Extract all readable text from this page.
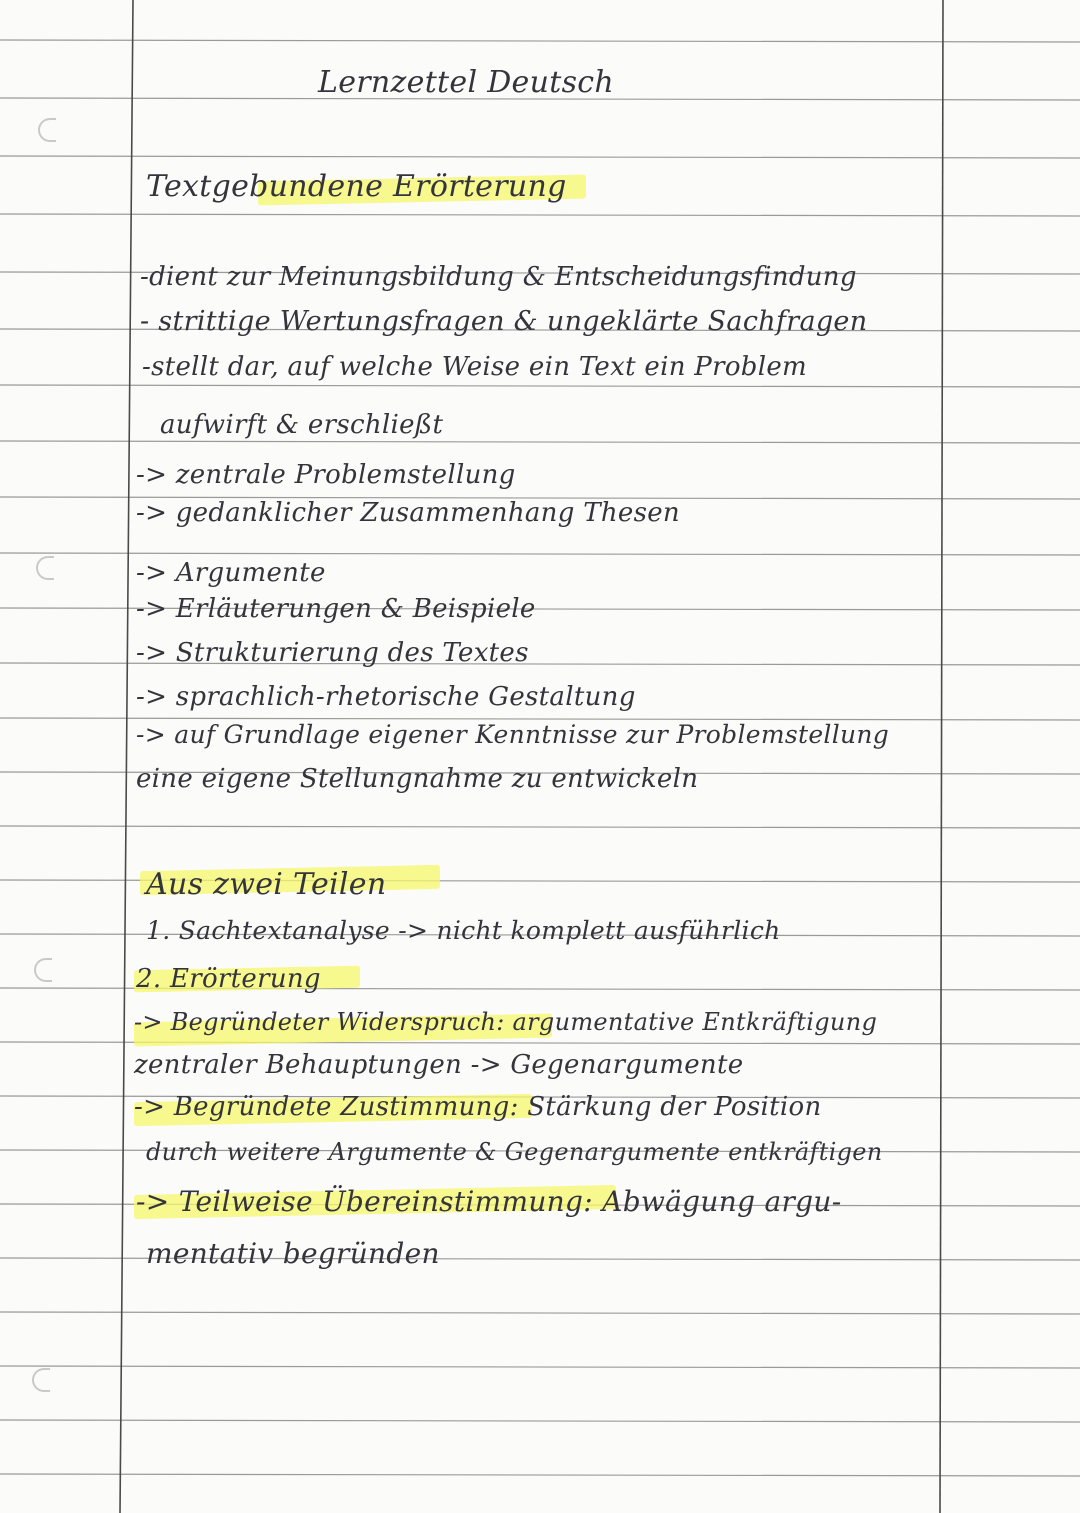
Lernzettel Deutsch
Textgebundene Erörterung
-dient zur Meinungsbildung & Entscheidungsfindung
- strittige Wertungsfragen & ungeklärte Sachfragen
-stellt dar, auf welche Weise ein Text ein Problem
aufwirft & erschließt
-> zentrale Problemstellung
-> gedanklicher Zusammenhang Thesen
-> Argumente
-> Erläuterungen & Beispiele
-> Strukturierung des Textes
-> sprachlich-rhetorische Gestaltung
-> auf Grundlage eigener Kenntnisse zur Problemstellung
eine eigene Stellungnahme zu entwickeln
Aus zwei Teilen
1. Sachtextanalyse -> nicht komplett ausführlich
2. Erörterung
-> Begründeter Widerspruch: argumentative Entkräftigung
zentraler Behauptungen -> Gegenargumente
-> Begründete Zustimmung: Stärkung der Position
durch weitere Argumente & Gegenargumente entkräftigen
-> Teilweise Übereinstimmung: Abwägung argu-
mentativ begründen
